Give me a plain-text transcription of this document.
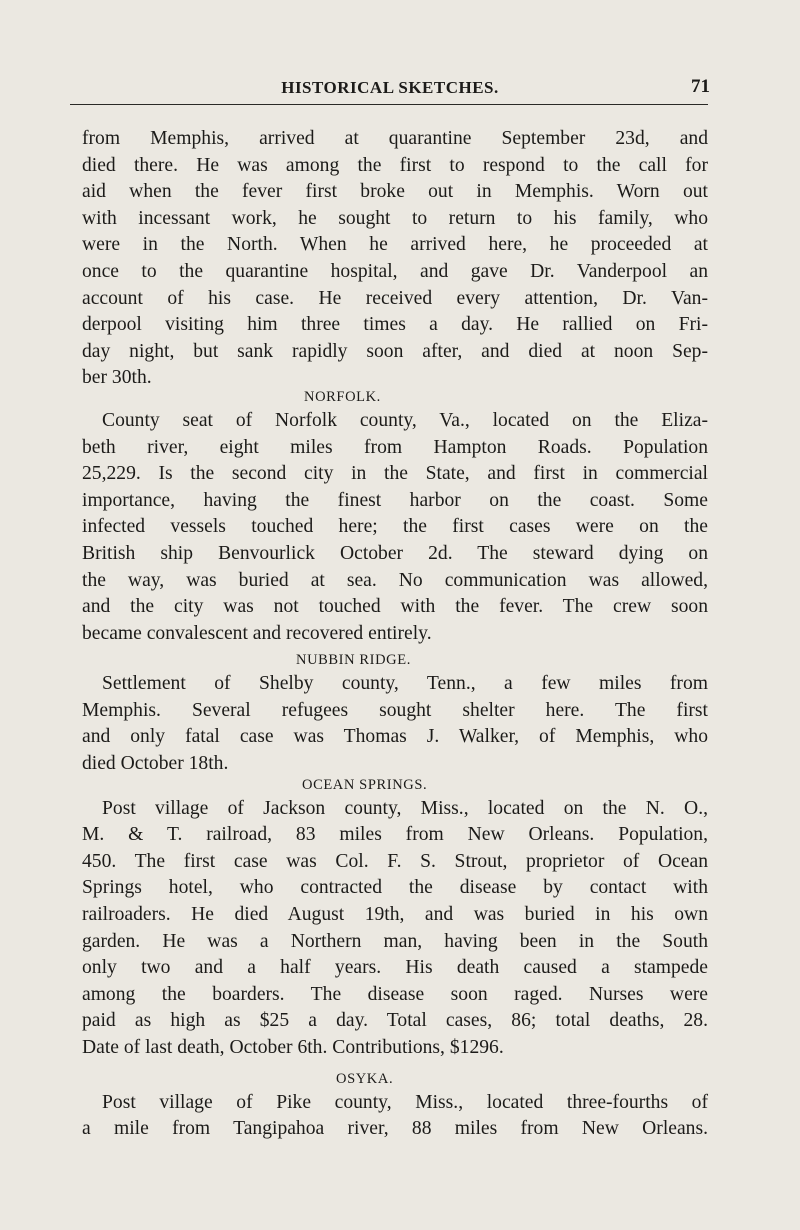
HISTORICAL SKETCHES.	71
from Memphis, arrived at quarantine September 23d, and
died there. He was among the first to respond to the call for
aid when the fever first broke out in Memphis. Worn out
with incessant work, he sought to return to his family, who
were in the North. When he arrived here, he proceeded at
once to the quarantine hospital, and gave Dr. Vanderpool an
account of his case. He received every attention, Dr. Van-
derpool visiting him three times a day. He rallied on Fri-
day night, but sank rapidly soon after, and died at noon Sep-
ber 30th.
NORFOLK.
County seat of Norfolk county, Va., located on the Eliza-
beth river, eight miles from Hampton Roads. Population
25,229. Is the second city in the State, and first in commercial
importance, having the finest harbor on the coast. Some
infected vessels touched here; the first cases were on the
British ship Benvourlick October 2d. The steward dying on
the way, was buried at sea. No communication was allowed,
and the city was not touched with the fever. The crew soon
became convalescent and recovered entirely.
NUBBIN RIDGE.
Settlement of Shelby county, Tenn., a few miles from
Memphis. Several refugees sought shelter here. The first
and only fatal case was Thomas J. Walker, of Memphis, who
died October 18th.
OCEAN SPRINGS.
Post village of Jackson county, Miss., located on the N. O.,
M. & T. railroad, 83 miles from New Orleans. Population,
450. The first case was Col. F. S. Strout, proprietor of Ocean
Springs hotel, who contracted the disease by contact with
railroaders. He died August 19th, and was buried in his own
garden. He was a Northern man, having been in the South
only two and a half years. His death caused a stampede
among the boarders. The disease soon raged. Nurses were
paid as high as $25 a day. Total cases, 86; total deaths, 28.
Date of last death, October 6th. Contributions, $1296.
OSYKA.
Post village of Pike county, Miss., located three-fourths of
a mile from Tangipahoa river, 88 miles from New Orleans.
